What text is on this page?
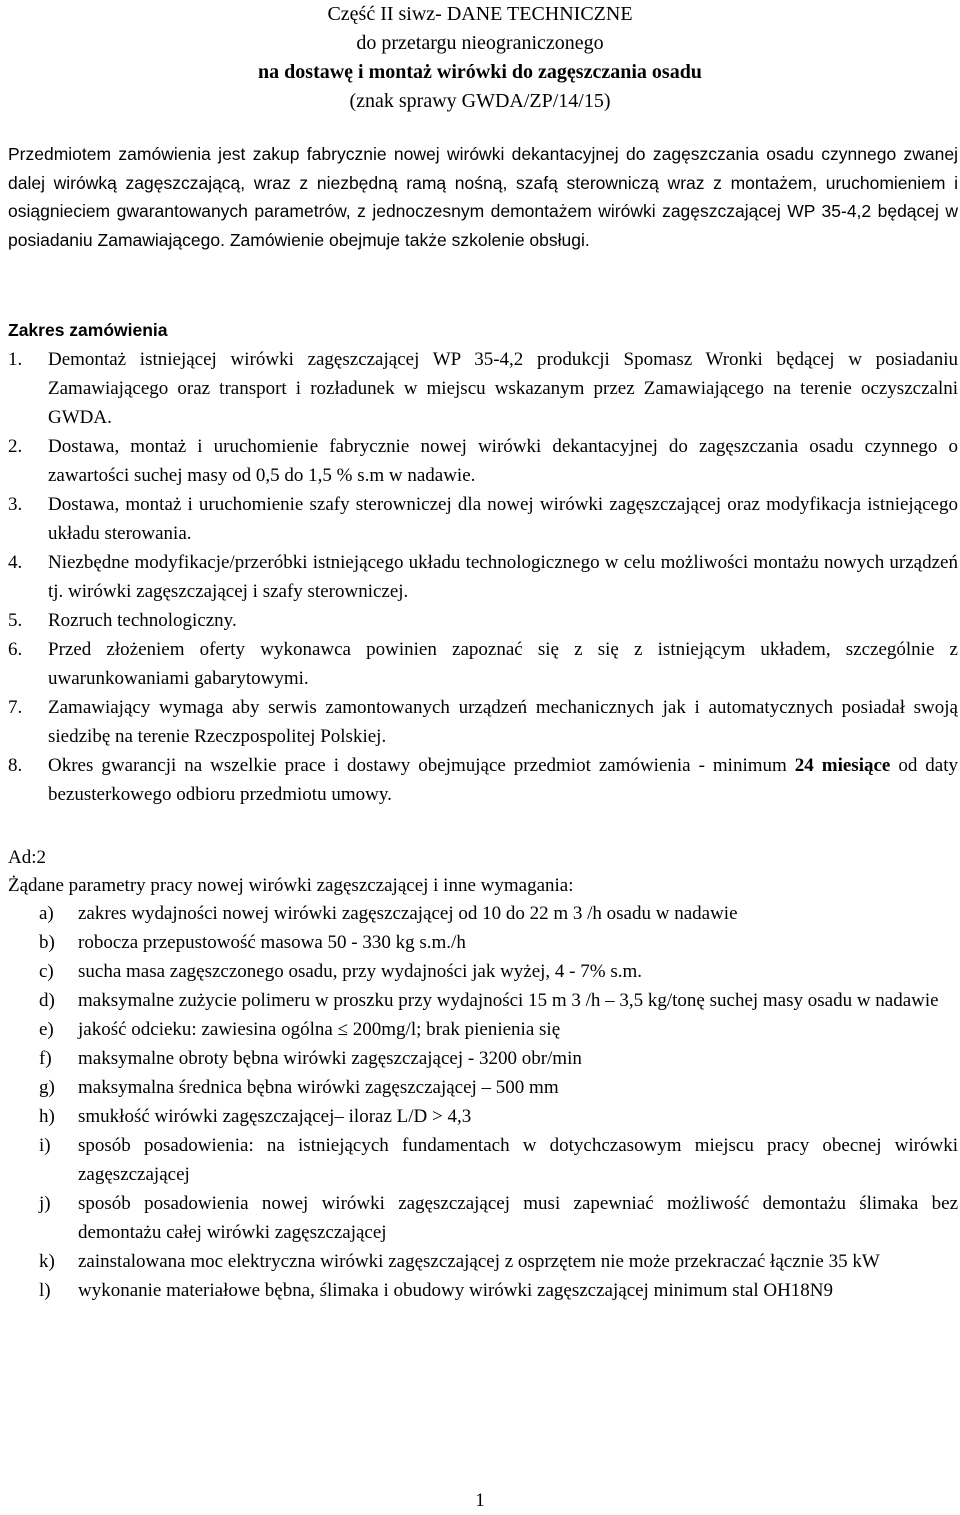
Część II siwz- DANE TECHNICZNE
do przetargu nieograniczonego
na dostawę i montaż wirówki do zagęszczania osadu
(znak sprawy GWDA/ZP/14/15)

Przedmiotem zamówienia jest zakup fabrycznie nowej wirówki dekantacyjnej do zagęszczania osadu czynnego zwanej dalej wirówką zagęszczającą, wraz z niezbędną ramą nośną, szafą sterowniczą wraz z montażem, uruchomieniem i osiągnieciem gwarantowanych parametrów, z jednoczesnym demontażem wirówki zagęszczającej WP 35-4,2 będącej w posiadaniu Zamawiającego. Zamówienie obejmuje także szkolenie obsługi.

Zakres zamówienia
1.	Demontaż istniejącej wirówki zagęszczającej WP 35-4,2 produkcji Spomasz Wronki będącej w posiadaniu Zamawiającego oraz transport i rozładunek w miejscu wskazanym przez Zamawiającego na terenie oczyszczalni GWDA.
2.	Dostawa, montaż i uruchomienie fabrycznie nowej wirówki dekantacyjnej do zagęszczania osadu czynnego o zawartości suchej masy od 0,5 do 1,5 % s.m w nadawie.
3.	Dostawa, montaż i uruchomienie szafy sterowniczej dla nowej wirówki zagęszczającej oraz modyfikacja istniejącego układu sterowania.
4.	Niezbędne modyfikacje/przeróbki istniejącego układu technologicznego w celu możliwości montażu nowych urządzeń tj. wirówki zagęszczającej i szafy sterowniczej.
5.	Rozruch technologiczny.
6.	Przed złożeniem oferty wykonawca powinien zapoznać się z się z istniejącym układem, szczególnie z uwarunkowaniami gabarytowymi.
7.	Zamawiający wymaga aby serwis zamontowanych urządzeń mechanicznych jak i automatycznych posiadał swoją siedzibę na terenie Rzeczpospolitej Polskiej.
8.	Okres gwarancji na wszelkie prace i dostawy obejmujące przedmiot zamówienia - minimum 24 miesiące od daty bezusterkowego odbioru przedmiotu umowy.
Ad:2
Żądane parametry pracy nowej wirówki zagęszczającej i inne wymagania:
a)	zakres wydajności nowej wirówki zagęszczającej od 10 do 22 m 3 /h osadu w nadawie
b)	robocza przepustowość masowa 50 - 330 kg s.m./h
c)	sucha masa zagęszczonego osadu, przy wydajności jak wyżej, 4 - 7% s.m.
d)	maksymalne zużycie polimeru w proszku przy wydajności 15 m 3 /h – 3,5 kg/tonę suchej masy osadu w nadawie
e)	jakość odcieku: zawiesina ogólna ≤ 200mg/l; brak pienienia się
f)	maksymalne obroty bębna wirówki zagęszczającej - 3200 obr/min
g)	maksymalna średnica bębna wirówki zagęszczającej – 500 mm
h)	smukłość wirówki zagęszczającej– iloraz L/D > 4,3
i)	sposób posadowienia: na istniejących fundamentach w dotychczasowym miejscu pracy obecnej wirówki zagęszczającej
j)	sposób posadowienia nowej wirówki zagęszczającej musi zapewniać możliwość demontażu ślimaka bez demontażu całej wirówki zagęszczającej
k)	zainstalowana moc elektryczna wirówki zagęszczającej z osprzętem nie może przekraczać łącznie 35 kW
l)	wykonanie materiałowe bębna, ślimaka i obudowy wirówki zagęszczającej minimum stal OH18N9
1
